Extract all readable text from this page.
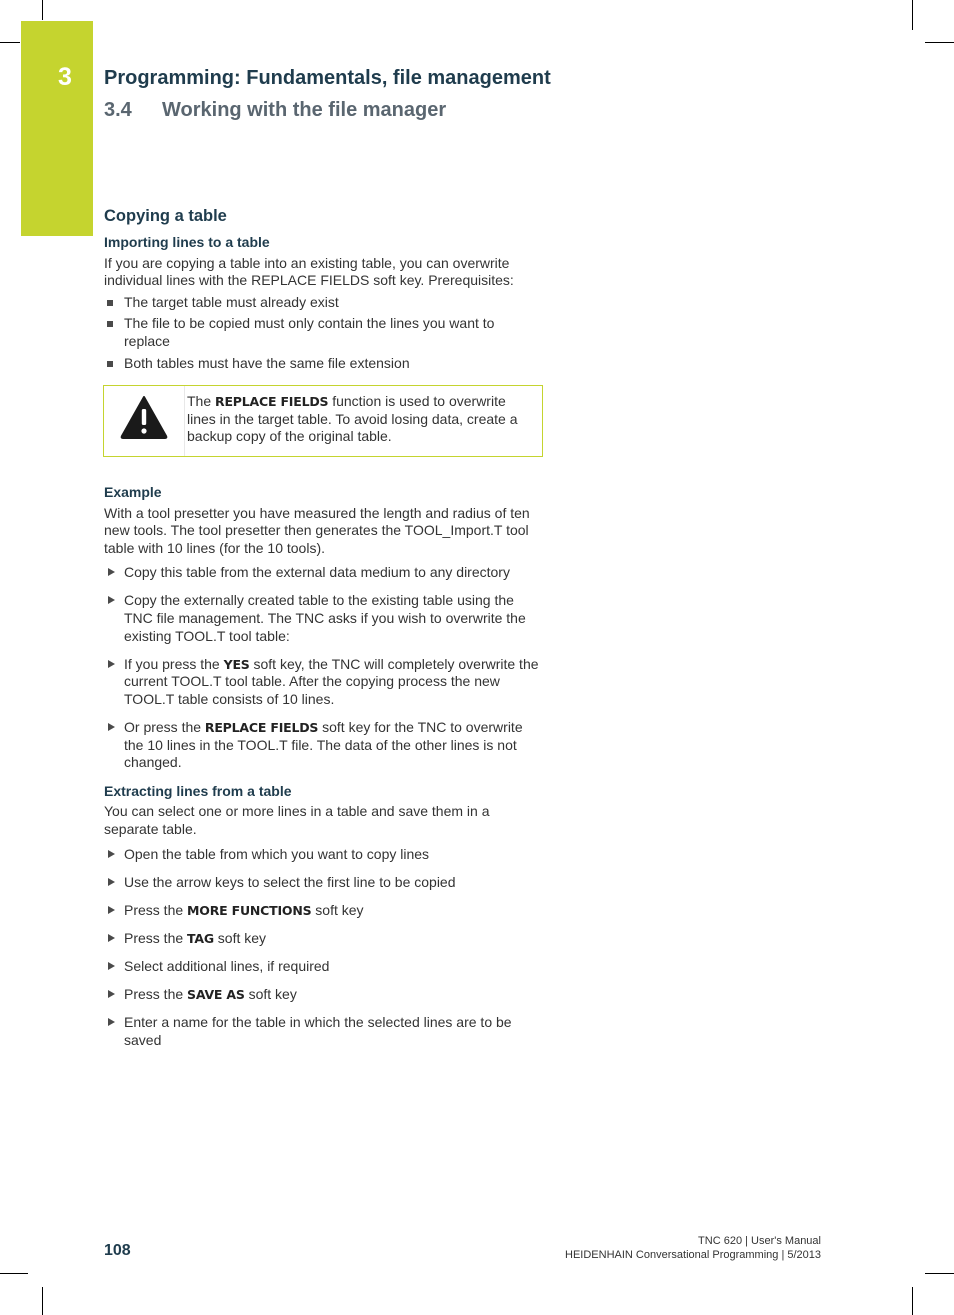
3 Programming: Fundamentals, file management
3.4 Working with the file manager
Copying a table
Importing lines to a table

If you are copying a table into an existing table, you can overwrite individual lines with the REPLACE FIELDS soft key. Prerequisites:

The target table must already exist
The file to be copied must only contain the lines you want to replace
Both tables must have the same file extension
The REPLACE FIELDS function is used to overwrite lines in the target table. To avoid losing data, create a backup copy of the original table.
Example

With a tool presetter you have measured the length and radius of ten new tools. The tool presetter then generates the TOOL_Import.T tool table with 10 lines (for the 10 tools).

Copy this table from the external data medium to any directory
Copy the externally created table to the existing table using the TNC file management. The TNC asks if you wish to overwrite the existing TOOL.T tool table:
If you press the YES soft key, the TNC will completely overwrite the current TOOL.T tool table. After the copying process the new TOOL.T table consists of 10 lines.
Or press the REPLACE FIELDS soft key for the TNC to overwrite the 10 lines in the TOOL.T file. The data of the other lines is not changed.
Extracting lines from a table

You can select one or more lines in a table and save them in a separate table.

Open the table from which you want to copy lines
Use the arrow keys to select the first line to be copied
Press the MORE FUNCTIONS soft key
Press the TAG soft key
Select additional lines, if required
Press the SAVE AS soft key
Enter a name for the table in which the selected lines are to be saved
108
TNC 620 | User's Manual
HEIDENHAIN Conversational Programming | 5/2013
